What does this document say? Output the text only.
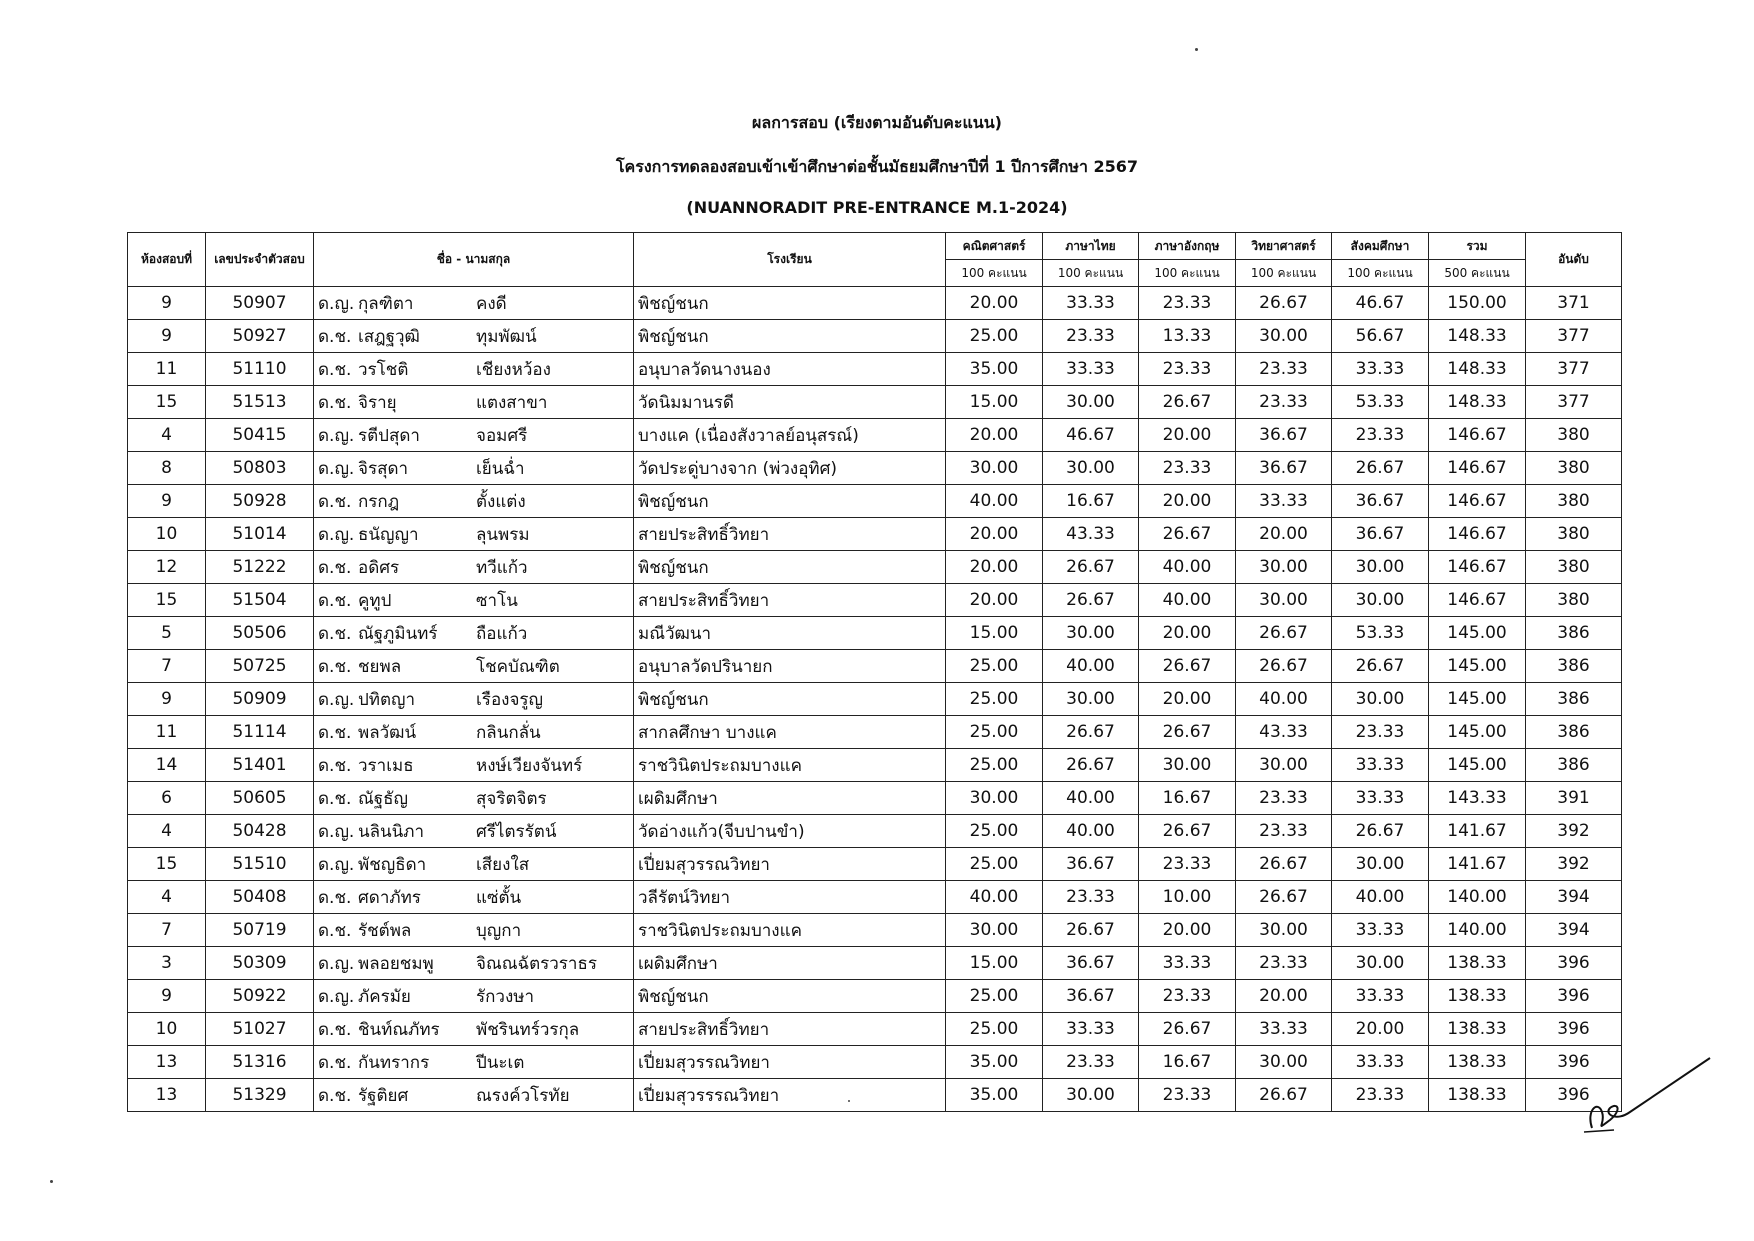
ผลการสอบ (เรียงตามอันดับคะแนน)
โครงการทดลองสอบเข้าเข้าศึกษาต่อชั้นมัธยมศึกษาปีที่ 1 ปีการศึกษา 2567
(NUANNORADIT PRE-ENTRANCE M.1-2024)
ห้องสอบที่	เลขประจำตัวสอบ	ชื่อ - นามสกุล	โรงเรียน	คณิตศาสตร์	ภาษาไทย	ภาษาอังกฤษ	วิทยาศาสตร์	สังคมศึกษา	รวม	อันดับ
				100 คะแนน	100 คะแนน	100 คะแนน	100 คะแนน	100 คะแนน	500 คะแนน	
9	50907	ด.ญ. กุลฑิตา คงดี	พิชญ์ชนก	20.00	33.33	23.33	26.67	46.67	150.00	371
9	50927	ด.ช. เสฎฐวุฒิ ทุมพัฒน์	พิชญ์ชนก	25.00	23.33	13.33	30.00	56.67	148.33	377
11	51110	ด.ช. วรโชติ เชียงหว้อง	อนุบาลวัดนางนอง	35.00	33.33	23.33	23.33	33.33	148.33	377
15	51513	ด.ช. จิรายุ แตงสาขา	วัดนิมมานรดี	15.00	30.00	26.67	23.33	53.33	148.33	377
4	50415	ด.ญ. รตีปสุดา จอมศรี	บางแค (เนื่องสังวาลย์อนุสรณ์)	20.00	46.67	20.00	36.67	23.33	146.67	380
8	50803	ด.ญ. จิรสุดา เย็นฉ่ำ	วัดประดู่บางจาก (พ่วงอุทิศ)	30.00	30.00	23.33	36.67	26.67	146.67	380
9	50928	ด.ช. กรกฎ ตั้งแต่ง	พิชญ์ชนก	40.00	16.67	20.00	33.33	36.67	146.67	380
10	51014	ด.ญ. ธนัญญา ลุนพรม	สายประสิทธิ์วิทยา	20.00	43.33	26.67	20.00	36.67	146.67	380
12	51222	ด.ช. อดิศร ทวีแก้ว	พิชญ์ชนก	20.00	26.67	40.00	30.00	30.00	146.67	380
15	51504	ด.ช. คูทูป ซาโน	สายประสิทธิ์วิทยา	20.00	26.67	40.00	30.00	30.00	146.67	380
5	50506	ด.ช. ณัฐภูมินทร์ ถือแก้ว	มณีวัฒนา	15.00	30.00	20.00	26.67	53.33	145.00	386
7	50725	ด.ช. ชยพล โชคบัณฑิต	อนุบาลวัดปรินายก	25.00	40.00	26.67	26.67	26.67	145.00	386
9	50909	ด.ญ. ปทิตญา เรืองจรูญ	พิชญ์ชนก	25.00	30.00	20.00	40.00	30.00	145.00	386
11	51114	ด.ช. พลวัฒน์ กลินกลั่น	สากลศึกษา บางแค	25.00	26.67	26.67	43.33	23.33	145.00	386
14	51401	ด.ช. วราเมธ หงษ์เวียงจันทร์	ราชวินิตประถมบางแค	25.00	26.67	30.00	30.00	33.33	145.00	386
6	50605	ด.ช. ณัฐธัญ สุจริตจิตร	เผดิมศึกษา	30.00	40.00	16.67	23.33	33.33	143.33	391
4	50428	ด.ญ. นลินนิภา ศรีไตรรัตน์	วัดอ่างแก้ว(จีบปานขำ)	25.00	40.00	26.67	23.33	26.67	141.67	392
15	51510	ด.ญ. พัชญธิดา เสียงใส	เปี่ยมสุวรรณวิทยา	25.00	36.67	23.33	26.67	30.00	141.67	392
4	50408	ด.ช. ศดาภัทร แซ่ตั้น	วลีรัตน์วิทยา	40.00	23.33	10.00	26.67	40.00	140.00	394
7	50719	ด.ช. รัชต์พล บุญกา	ราชวินิตประถมบางแค	30.00	26.67	20.00	30.00	33.33	140.00	394
3	50309	ด.ญ. พลอยชมพู จิณณฉัตรวราธร	เผดิมศึกษา	15.00	36.67	33.33	23.33	30.00	138.33	396
9	50922	ด.ญ. ภัครมัย รักวงษา	พิชญ์ชนก	25.00	36.67	23.33	20.00	33.33	138.33	396
10	51027	ด.ช. ชินท์ณภัทร พัชรินทร์วรกุล	สายประสิทธิ์วิทยา	25.00	33.33	26.67	33.33	20.00	138.33	396
13	51316	ด.ช. กันทรากร ปีนะเต	เปี่ยมสุวรรณวิทยา	35.00	23.33	16.67	30.00	33.33	138.33	396
13	51329	ด.ช. รัฐติยศ ณรงค์วโรทัย	เปี่ยมสุวรรรณวิทยา	35.00	30.00	23.33	26.67	23.33	138.33	396
